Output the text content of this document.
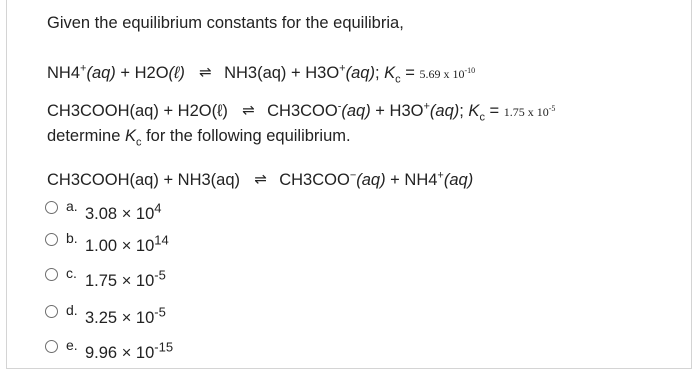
Given the equilibrium constants for the equilibria,
NH4+(aq) + H2O(ℓ) ⇌ NH3(aq) + H3O+(aq); $K_c = 5.69$ x $10^{-10}$
CH3COOH(aq) + H2O(ℓ) ⇌ CH3COO-(aq) + H3O+(aq); $K_c = 1.75$ x $10^{-5}$
determine $K_c$ for the following equilibrium.
CH3COOH(aq) + NH3(aq) ⇌ CH3COO−(aq) + NH4+(aq)
a. $3.08 \times 10^4$
b. $1.00 \times 10^{14}$
c. $1.75 \times 10^{-5}$
d. $3.25 \times 10^{-5}$
e. $9.96 \times 10^{-15}$
